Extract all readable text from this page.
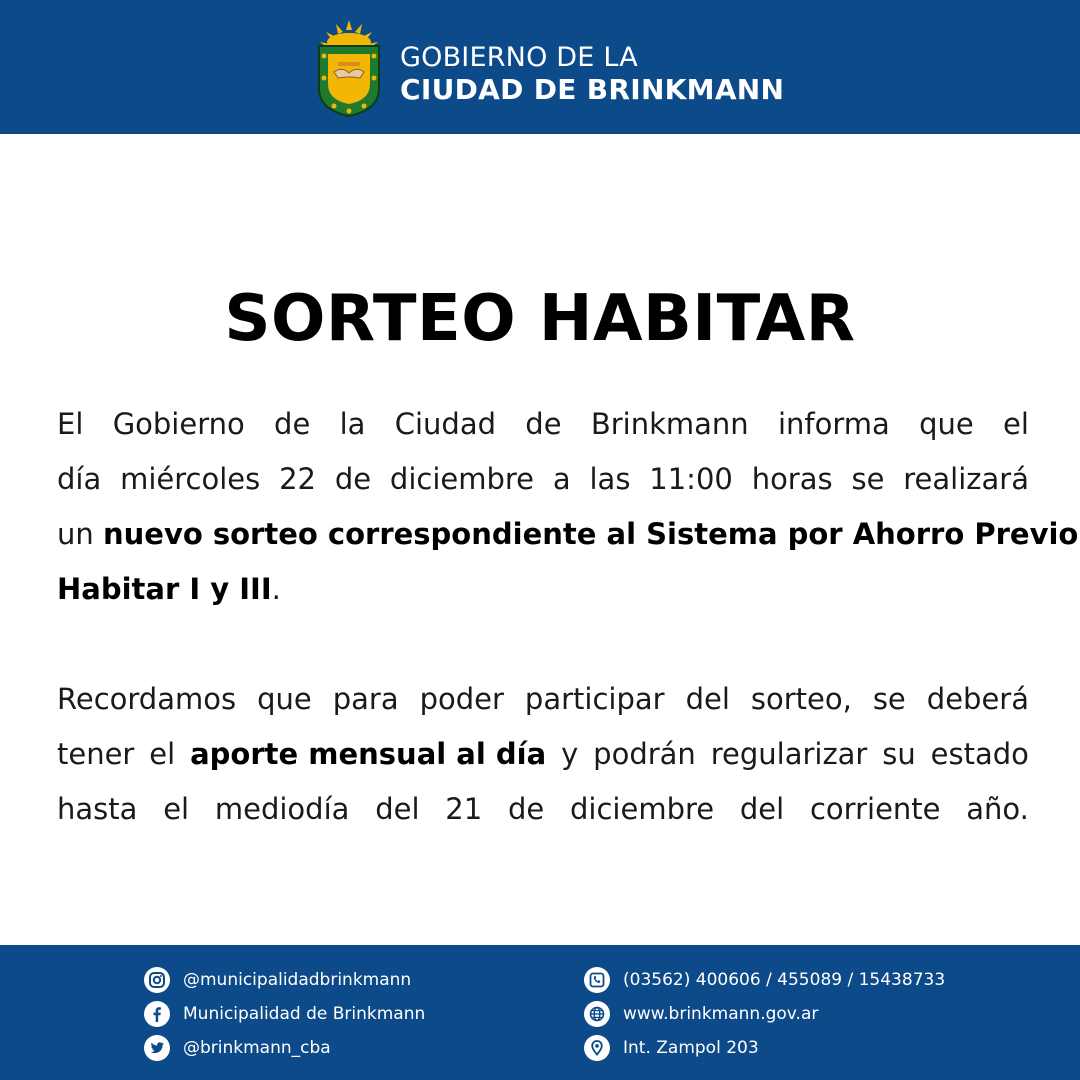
GOBIERNO DE LA
CIUDAD DE BRINKMANN
SORTEO HABITAR
El Gobierno de la Ciudad de Brinkmann informa que el
día miércoles 22 de diciembre a las 11:00 horas se realizará
un nuevo sorteo correspondiente al Sistema por Ahorro Previo
Habitar I y III.
Recordamos que para poder participar del sorteo, se deberá
tener el aporte mensual al día y podrán regularizar su estado
hasta el mediodía del 21 de diciembre del corriente año.
@municipalidadbrinkmann
Municipalidad de Brinkmann
@brinkmann_cba
(03562) 400606 / 455089 / 15438733
www.brinkmann.gov.ar
Int. Zampol 203
